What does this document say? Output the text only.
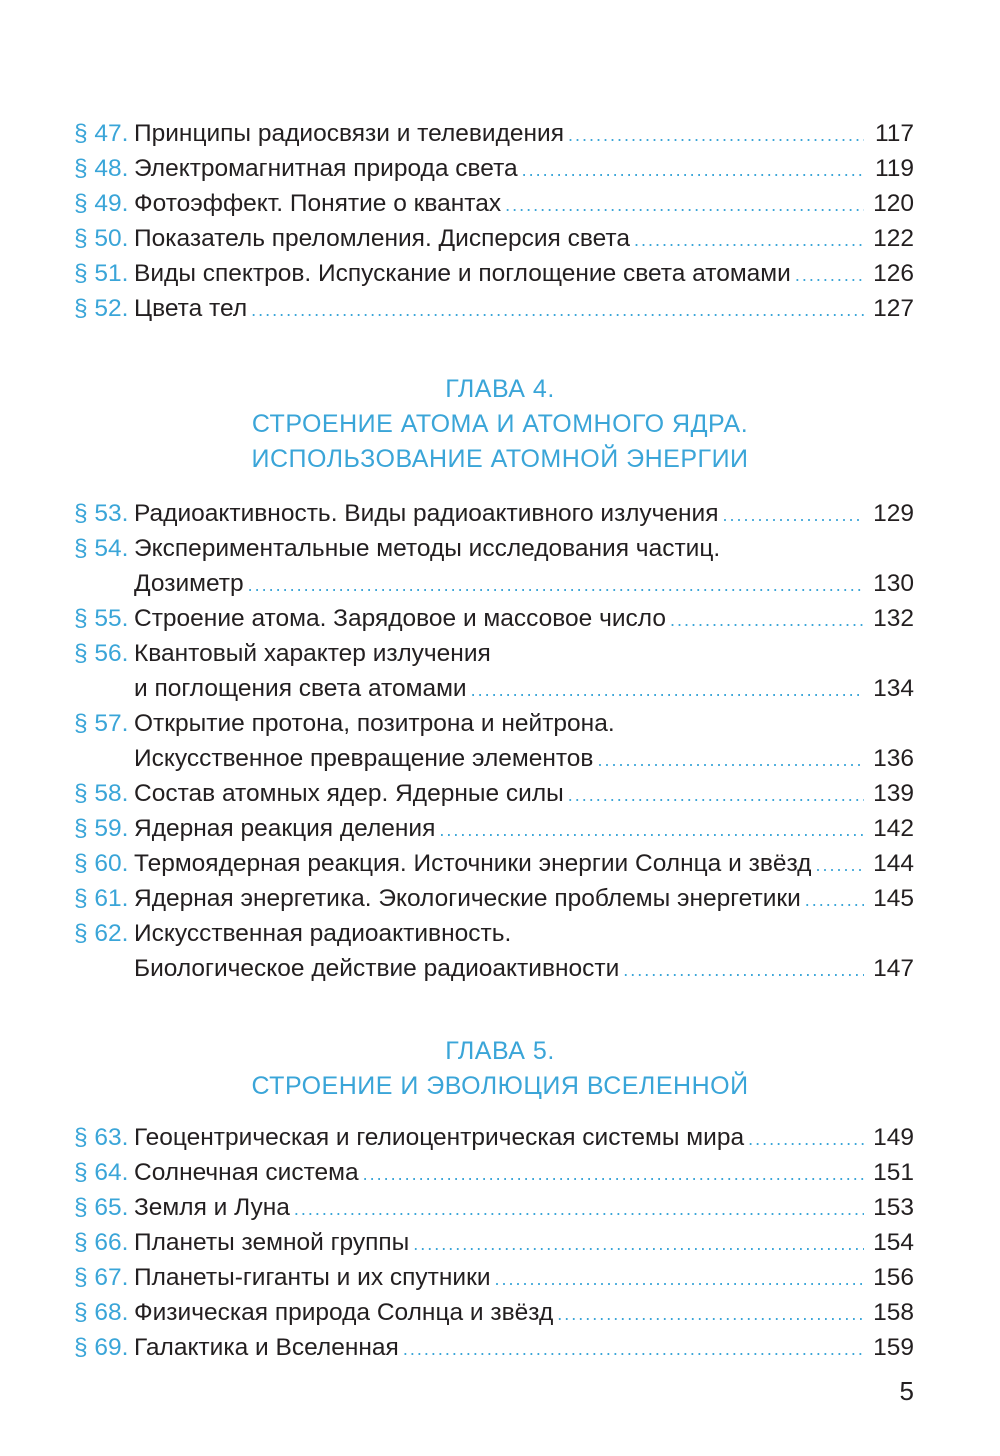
§ 47. Принципы радиосвязи и телевидения .....	117
§ 48. Электромагнитная природа света .....	119
§ 49. Фотоэффект. Понятие о квантах .....	120
§ 50. Показатель преломления. Дисперсия света .....	122
§ 51. Виды спектров. Испускание и поглощение света атомами .....	126
§ 52. Цвета тел .....	127
ГЛАВА 4.
СТРОЕНИЕ АТОМА И АТОМНОГО ЯДРА.
ИСПОЛЬЗОВАНИЕ АТОМНОЙ ЭНЕРГИИ
§ 53. Радиоактивность. Виды радиоактивного излучения .....	129
§ 54. Экспериментальные методы исследования частиц.
Дозиметр .....	130
§ 55. Строение атома. Зарядовое и массовое число .....	132
§ 56. Квантовый характер излучения
и поглощения света атомами .....	134
§ 57. Открытие протона, позитрона и нейтрона.
Искусственное превращение элементов .....	136
§ 58. Состав атомных ядер. Ядерные силы .....	139
§ 59. Ядерная реакция деления .....	142
§ 60. Термоядерная реакция. Источники энергии Солнца и звёзд .....	144
§ 61. Ядерная энергетика. Экологические проблемы энергетики .....	145
§ 62. Искусственная радиоактивность.
Биологическое действие радиоактивности .....	147
ГЛАВА 5.
СТРОЕНИЕ И ЭВОЛЮЦИЯ ВСЕЛЕННОЙ
§ 63. Геоцентрическая и гелиоцентрическая системы мира .....	149
§ 64. Солнечная система .....	151
§ 65. Земля и Луна .....	153
§ 66. Планеты земной группы .....	154
§ 67. Планеты-гиганты и их спутники .....	156
§ 68. Физическая природа Солнца и звёзд .....	158
§ 69. Галактика и Вселенная .....	159
5
